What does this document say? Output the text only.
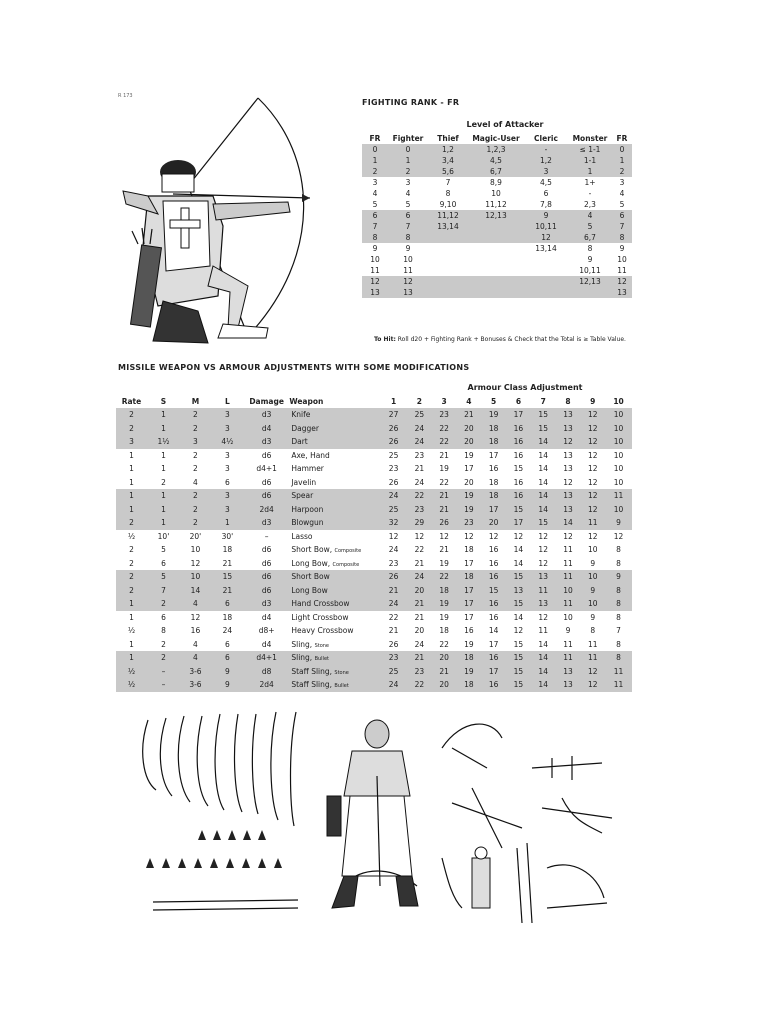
R 173
FIGHTING RANK - FR
Level of Attacker
FR	Fighter	Thief	Magic-User	Cleric	Monster	FR
0	0	1,2	1,2,3	-	≤ 1-1	0
1	1	3,4	4,5	1,2	1-1	1
2	2	5,6	6,7	3	1	2
3	3	7	8,9	4,5	1+	3
4	4	8	10	6	-	4
5	5	9,10	11,12	7,8	2,3	5
6	6	11,12	12,13	9	4	6
7	7	13,14		10,11	5	7
8	8			12	6,7	8
9	9			13,14	8	9
10	10				9	10
11	11				10,11	11
12	12				12,13	12
13	13					13
To Hit: Roll d20 + Fighting Rank + Bonuses & Check that the Total is ≥ Table Value.
MISSILE WEAPON VS ARMOUR ADJUSTMENTS WITH SOME MODIFICATIONS
Armour Class Adjustment
Rate	S	M	L	Damage	Weapon	1	2	3	4	5	6	7	8	9	10
2	1	2	3	d3	Knife	27	25	23	21	19	17	15	13	12	10
2	1	2	3	d4	Dagger	26	24	22	20	18	16	15	13	12	10
3	1½	3	4½	d3	Dart	26	24	22	20	18	16	14	12	12	10
1	1	2	3	d6	Axe, Hand	25	23	21	19	17	16	14	13	12	10
1	1	2	3	d4+1	Hammer	23	21	19	17	16	15	14	13	12	10
1	2	4	6	d6	Javelin	26	24	22	20	18	16	14	12	12	10
1	1	2	3	d6	Spear	24	22	21	19	18	16	14	13	12	11
1	1	2	3	2d4	Harpoon	25	23	21	19	17	15	14	13	12	10
2	1	2	1	d3	Blowgun	32	29	26	23	20	17	15	14	11	9
½	10'	20'	30'	–	Lasso	12	12	12	12	12	12	12	12	12	12
2	5	10	18	d6	Short Bow, Composite	24	22	21	18	16	14	12	11	10	8
2	6	12	21	d6	Long Bow, Composite	23	21	19	17	16	14	12	11	9	8
2	5	10	15	d6	Short Bow	26	24	22	18	16	15	13	11	10	9
2	7	14	21	d6	Long Bow	21	20	18	17	15	13	11	10	9	8
1	2	4	6	d3	Hand Crossbow	24	21	19	17	16	15	13	11	10	8
1	6	12	18	d4	Light Crossbow	22	21	19	17	16	14	12	10	9	8
½	8	16	24	d8+	Heavy Crossbow	21	20	18	16	14	12	11	9	8	7
1	2	4	6	d4	Sling, Stone	26	24	22	19	17	15	14	11	11	8
1	2	4	6	d4+1	Sling, Bullet	23	21	20	18	16	15	14	11	11	8
½	–	3-6	9	d8	Staff Sling, Stone	25	23	21	19	17	15	14	13	12	11
½	–	3-6	9	2d4	Staff Sling, Bullet	24	22	20	18	16	15	14	13	12	11
